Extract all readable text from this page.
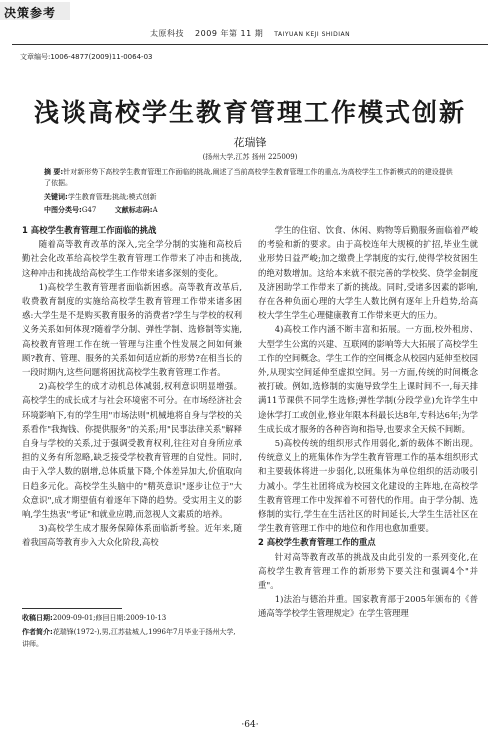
决策参考
太原科技 2009 年第 11 期 TAIYUAN KEJI SHIDIAN
文章编号:1006-4877(2009)11-0064-03
浅谈高校学生教育管理工作模式创新
花瑞锋
(扬州大学,江苏 扬州 225009)
摘 要:针对新形势下高校学生教育管理工作面临的挑战,阐述了当前高校学生教育管理工作的重点,为高校学生工作新模式的的建设提供了依据。
关键词:学生教育管理;挑战;模式创新
中图分类号:G47	文献标志码:A
1 高校学生教育管理工作面临的挑战

随着高等教育改革的深入,完全学分制的实施和高校后勤社会化改革给高校学生教育管理工作带来了冲击和挑战,这种冲击和挑战给高校学生工作带来诸多深刻的变化。

1)高校学生教育管理者面临新困惑。高等教育改革后,收费教育制度的实施给高校学生教育管理工作带来诸多困惑:大学生是不是购买教育服务的消费者?学生与学校的权利义务关系如何体现?随着学分制、弹性学制、选修制等实施,高校教育管理工作在统一管理与注重个性发展之间如何兼顾?教育、管理、服务的关系如何适应新的形势?在相当长的一段时期内,这些问题将困扰高校学生教育管理工作者。

2)高校学生的成才动机总体减弱,权利意识明显增强。高校学生的成长成才与社会环境密不可分。在市场经济社会环境影响下,有的学生用"市场法则"机械地将自身与学校的关系看作"我掏钱、你提供服务"的关系;用"民事法律关系"解释自身与学校的关系,过于强调受教育权利,往往对自身所应承担的义务有所忽略,缺乏接受学校教育管理的自觉性。同时,由于入学人数的剧增,总体质量下降,个体差异加大,价值取向日趋多元化。高校学生头脑中的"精英意识"逐步让位于"大众意识",成才期望值有着逐年下降的趋势。受实用主义的影响,学生热衷"考证"和就业应聘,而忽视人文素质的培养。

3)高校学生成才服务保障体系面临新考验。近年来,随着我国高等教育步入大众化阶段,高校

学生的住宿、饮食、休闲、购物等后勤服务面临着严峻的考验和新的要求。由于高校连年大规模的扩招,毕业生就业形势日益严峻;加之缴费上学制度的实行,使得学校贫困生的绝对数增加。这给本来就不很完善的学校奖、贷学金制度及济困助学工作带来了新的挑战。同时,受诸多因素的影响,存在各种负面心理的大学生人数比例有逐年上升趋势,给高校大学生学生心理健康教育工作带来更大的压力。

4)高校工作内涵不断丰富和拓展。一方面,校外租房、大型学生公寓的兴建、互联网的影响等大大拓展了高校学生工作的空间概念。学生工作的空间概念从校园内延伸至校园外,从现实空间延伸至虚拟空间。另一方面,传统的时间概念被打破。例如,选修制的实施导致学生上课时间不一,每天排满11节课供不同学生选修;弹性学制(分段学业)允许学生中途休学打工或创业,修业年限本科最长达8年,专科达6年;为学生成长成才服务的各种咨询和指导,也要求全天候不间断。

5)高校传统的组织形式作用弱化,新的载体不断出现。传统意义上的班集体作为学生教育管理工作的基本组织形式和主要载体将进一步弱化,以班集体为单位组织的活动吸引力减小。学生社团将成为校园文化建设的主阵地,在高校学生教育管理工作中发挥着不可替代的作用。由于学分制、选修制的实行,学生在生活社区的时间延长,大学生生活社区在学生教育管理工作中的地位和作用也愈加重要。

2 高校学生教育管理工作的重点

针对高等教育改革的挑战及由此引发的一系列变化,在高校学生教育管理工作的新形势下要关注和强调4个"并重"。

1)法治与德治并重。国家教育部于2005年颁布的《普通高等学校学生管理规定》在学生管理理

收稿日期:2009-09-01;修回日期:2009-10-13
作者简介:花瑞锋(1972-),男,江苏盐城人,1996年7月毕业于扬州大学,讲师。
·64·
